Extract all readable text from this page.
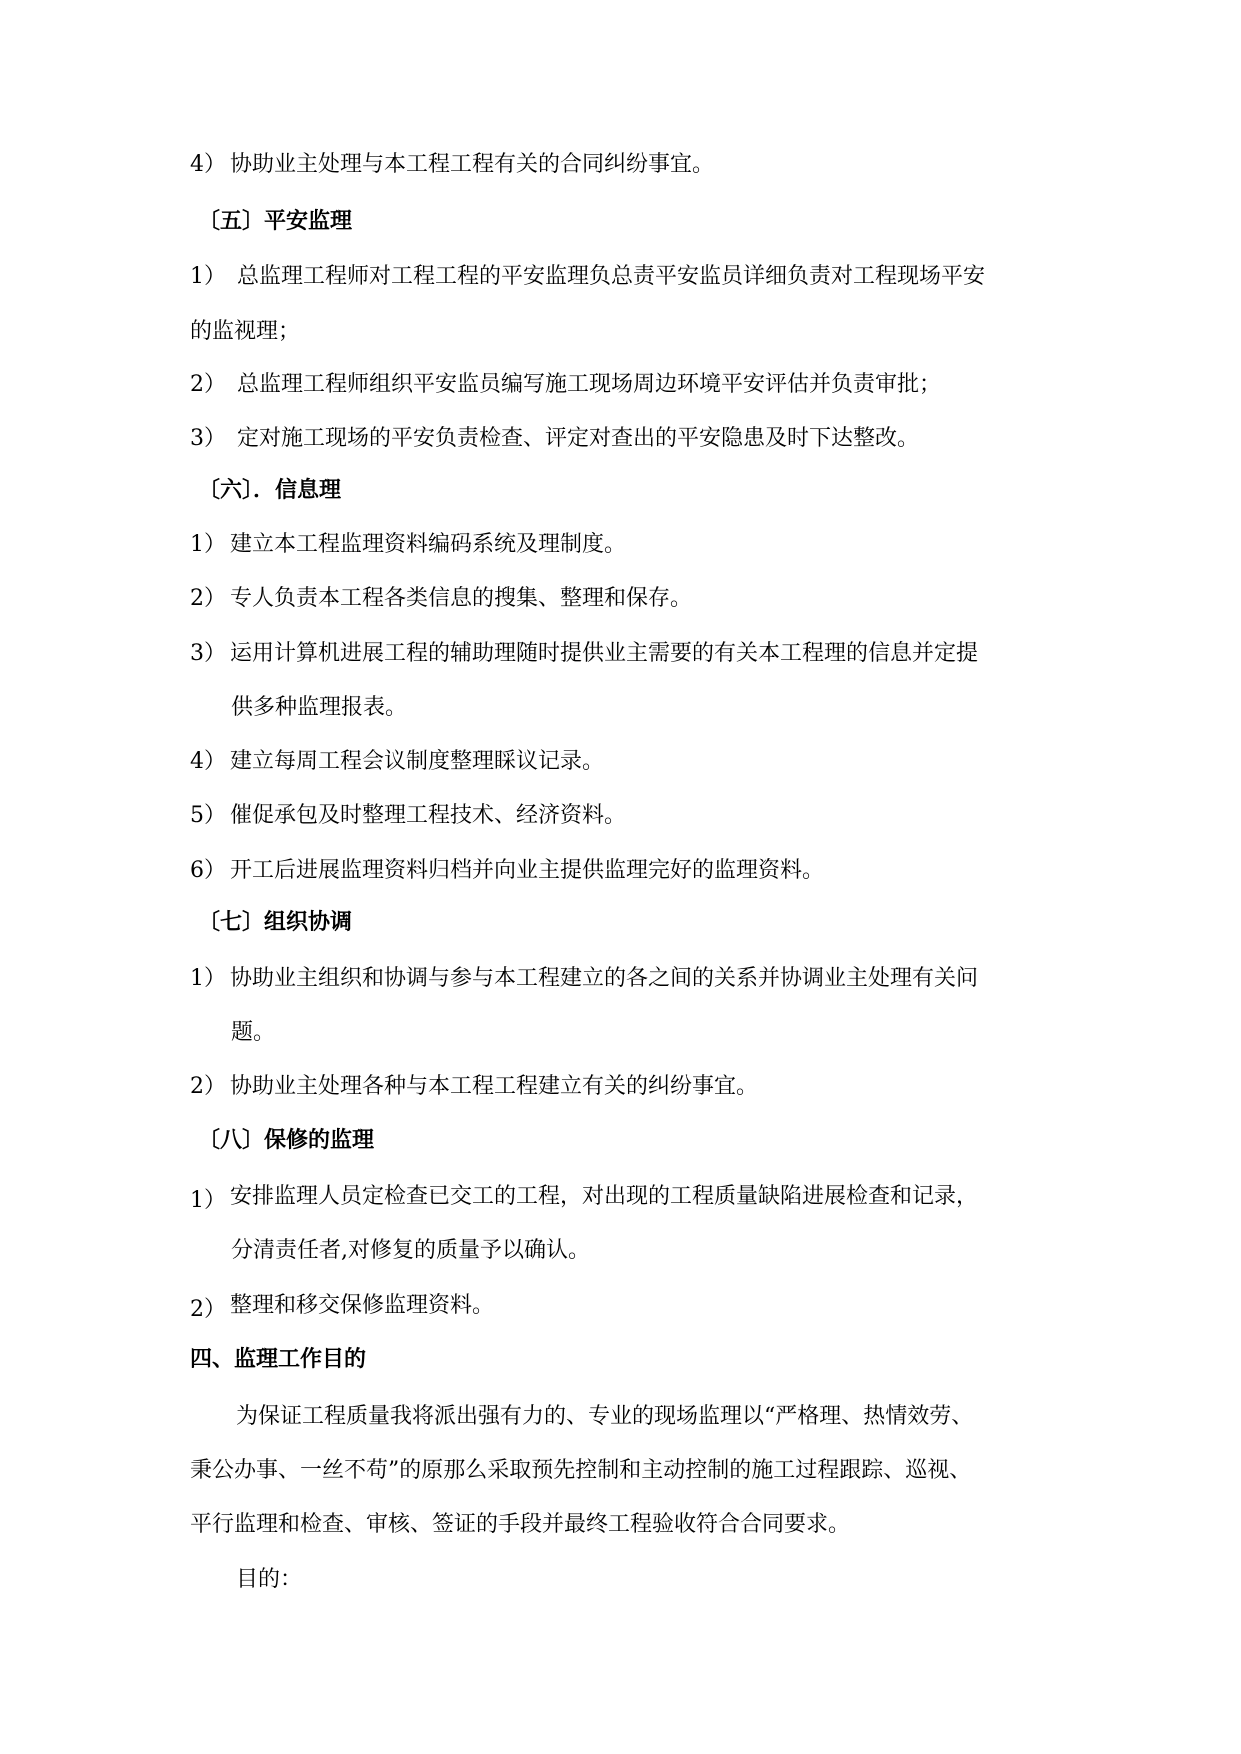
4） 协助业主处理与本工程工程有关的合同纠纷事宜。
〔五〕平安监理
1） 总监理工程师对工程工程的平安监理负总责平安监员详细负责对工程现场平安
的监视理；
2） 总监理工程师组织平安监员编写施工现场周边环境平安评估并负责审批；
3） 定对施工现场的平安负责检查、评定对查出的平安隐患及时下达整改。
〔六〕．信息理
1） 建立本工程监理资料编码系统及理制度。
2） 专人负责本工程各类信息的搜集、整理和保存。
3） 运用计算机进展工程的辅助理随时提供业主需要的有关本工程理的信息并定提
供多种监理报表。
4） 建立每周工程会议制度整理睬议记录。
5） 催促承包及时整理工程技术、经济资料。
6） 开工后进展监理资料归档并向业主提供监理完好的监理资料。
〔七〕组织协调
1） 协助业主组织和协调与参与本工程建立的各之间的关系并协调业主处理有关问
题。
2） 协助业主处理各种与本工程工程建立有关的纠纷事宜。
〔八〕保修的监理
1） 安排监理人员定检查已交工的工程，对出现的工程质量缺陷进展检查和记录，
分清责任者,对修复的质量予以确认。
2） 整理和移交保修监理资料。
四、监理工作目的
为保证工程质量我将派出强有力的、专业的现场监理以“严格理、热情效劳、
秉公办事、一丝不苟”的原那么采取预先控制和主动控制的施工过程跟踪、巡视、
平行监理和检查、审核、签证的手段并最终工程验收符合合同要求。
目的：
